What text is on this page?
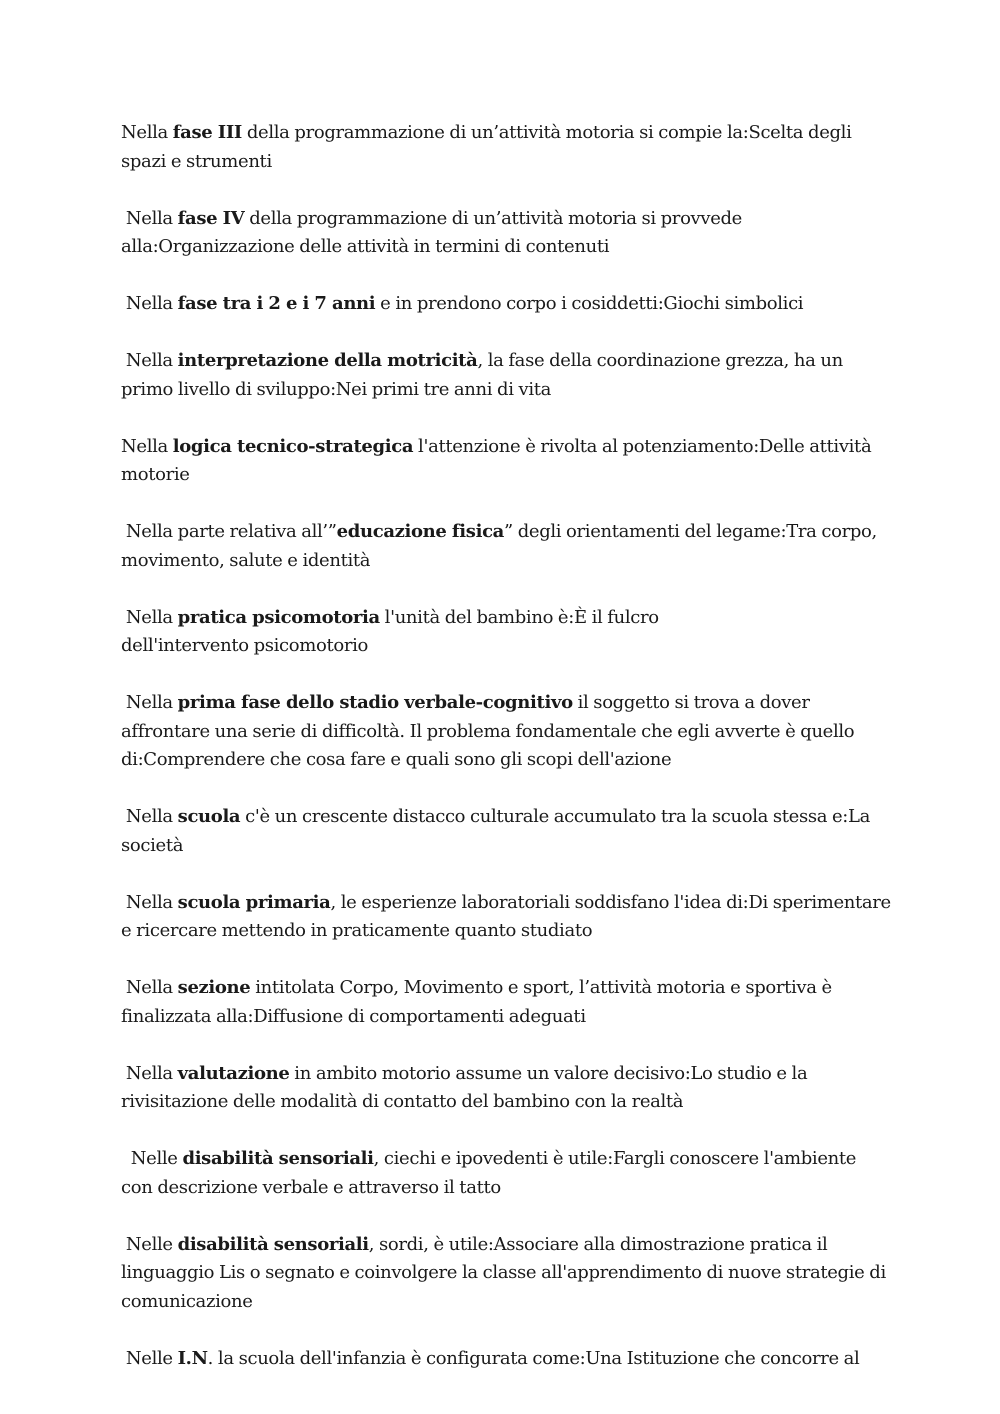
Nella fase III della programmazione di un’attività motoria si compie la:Scelta degli spazi e strumenti

Nella fase IV della programmazione di un’attività motoria si provvede
alla:Organizzazione delle attività in termini di contenuti

Nella fase tra i 2 e i 7 anni e in prendono corpo i cosiddetti:Giochi simbolici

Nella interpretazione della motricità, la fase della coordinazione grezza, ha un primo livello di sviluppo:Nei primi tre anni di vita

Nella logica tecnico-strategica l'attenzione è rivolta al potenziamento:Delle attività motorie

Nella parte relativa all’”educazione fisica” degli orientamenti del legame:Tra corpo, movimento, salute e identità

Nella pratica psicomotoria l'unità del bambino è:È il fulcro
dell'intervento psicomotorio

Nella prima fase dello stadio verbale-cognitivo il soggetto si trova a dover affrontare una serie di difficoltà. Il problema fondamentale che egli avverte è quello di:Comprendere che cosa fare e quali sono gli scopi dell'azione

Nella scuola c'è un crescente distacco culturale accumulato tra la scuola stessa e:La società

Nella scuola primaria, le esperienze laboratoriali soddisfano l'idea di:Di sperimentare e ricercare mettendo in praticamente quanto studiato

Nella sezione intitolata Corpo, Movimento e sport, l’attività motoria e sportiva è finalizzata alla:Diffusione di comportamenti adeguati

Nella valutazione in ambito motorio assume un valore decisivo:Lo studio e la rivisitazione delle modalità di contatto del bambino con la realtà

Nelle disabilità sensoriali, ciechi e ipovedenti è utile:Fargli conoscere l'ambiente con descrizione verbale e attraverso il tatto

Nelle disabilità sensoriali, sordi, è utile:Associare alla dimostrazione pratica il linguaggio Lis o segnato e coinvolgere la classe all'apprendimento di nuove strategie di comunicazione

Nelle I.N. la scuola dell'infanzia è configurata come:Una Istituzione che concorre al
